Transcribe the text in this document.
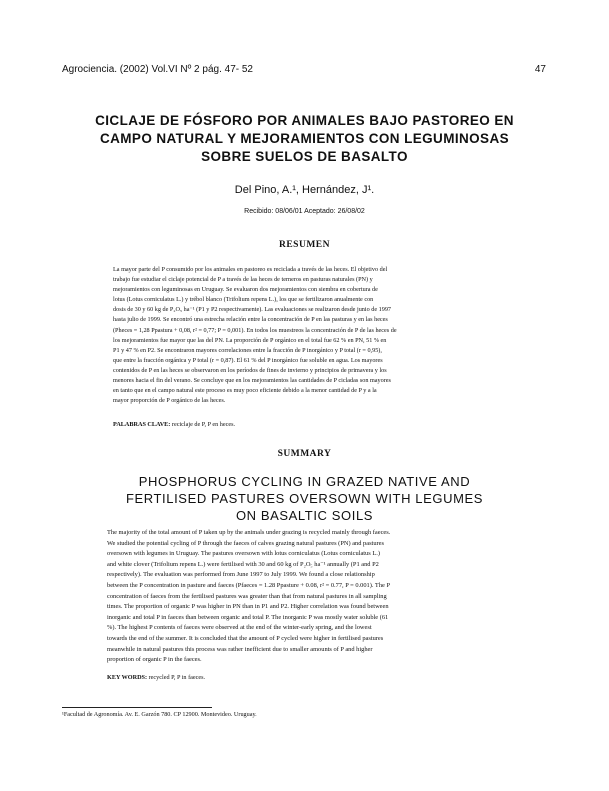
Agrociencia. (2002) Vol.VI Nº 2 pág. 47- 52	47
CICLAJE DE FÓSFORO POR ANIMALES BAJO PASTOREO EN
CAMPO NATURAL Y MEJORAMIENTOS CON LEGUMINOSAS
SOBRE SUELOS DE BASALTO
Del Pino, A.¹, Hernández, J¹.
Recibido: 08/06/01 Aceptado: 26/08/02
RESUMEN
La mayor parte del P consumido por los animales en pastoreo es reciclada a través de las heces. El objetivo del
trabajo fue estudiar el ciclaje potencial de P a través de las heces de terneros en pasturas naturales (PN) y
mejoramientos con leguminosas en Uruguay. Se evaluaron dos mejoramientos con siembra en cobertura de
lotus (Lotus corniculatus L.) y trébol blanco (Trifolium repens L.), los que se fertilizaron anualmente con
dosis de 30 y 60 kg de P₂O₅ ha⁻¹ (P1 y P2 respectivamente). Las evaluaciones se realizaron desde junio de 1997
hasta julio de 1999. Se encontró una estrecha relación entre la concentración de P en las pasturas y en las heces
(Pheces = 1,28 Ppastura + 0,08, r² = 0,77; P = 0,001). En todos los muestreos la concentración de P de las heces de
los mejoramientos fue mayor que las del PN. La proporción de P orgánico en el total fue 62 % en PN, 51 % en
P1 y 47 % en P2. Se encontraron mayores correlaciones entre la fracción de P inorgánico y P total (r = 0,95),
que entre la fracción orgánica y P total (r = 0,87). El 61 % del P inorgánico fue soluble en agua. Los mayores
contenidos de P en las heces se observaron en los períodos de fines de invierno y principios de primavera y los
menores hacia el fin del verano. Se concluye que en los mejoramientos las cantidades de P cicladas son mayores
en tanto que en el campo natural este proceso es muy poco eficiente debido a la menor cantidad de P y a la
mayor proporción de P orgánico de las heces.
PALABRAS CLAVE: reciclaje de P, P en heces.
SUMMARY
PHOSPHORUS CYCLING IN GRAZED NATIVE AND
FERTILISED PASTURES OVERSOWN WITH LEGUMES
ON BASALTIC SOILS
The majority of the total amount of P taken up by the animals under grazing is recycled mainly through faeces.
We studied the potential cycling of P through the faeces of calves grazing natural pastures (PN) and pastures
oversown with legumes in Uruguay. The pastures oversown with lotus corniculatus (Lotus corniculatus L.)
and white clover (Trifolium repens L.) were fertilised with 30 and 60 kg of P₂O₅ ha⁻¹ annually (P1 and P2
respectively). The evaluation was performed from June 1997 to July 1999. We found a close relationship
between the P concentration in pasture and faeces (Pfaeces = 1.28 Ppasture + 0.08, r² = 0.77, P = 0.001). The P
concentration of faeces from the fertilised pastures was greater than that from natural pastures in all sampling
times. The proportion of organic P was higher in PN than in P1 and P2. Higher correlation was found between
inorganic and total P in faeces than between organic and total P. The inorganic P was mostly water soluble (61
%). The highest P contents of faeces were observed at the end of the winter-early spring, and the lowest
towards the end of the summer. It is concluded that the amount of P cycled were higher in fertilised pastures
meanwhile in natural pastures this process was rather inefficient due to smaller amounts of P and higher
proportion of organic P in the faeces.
KEY WORDS: recycled P, P in faeces.
¹Facultad de Agronomía. Av. E. Garzón 780. CP 12900. Montevideo. Uruguay.
